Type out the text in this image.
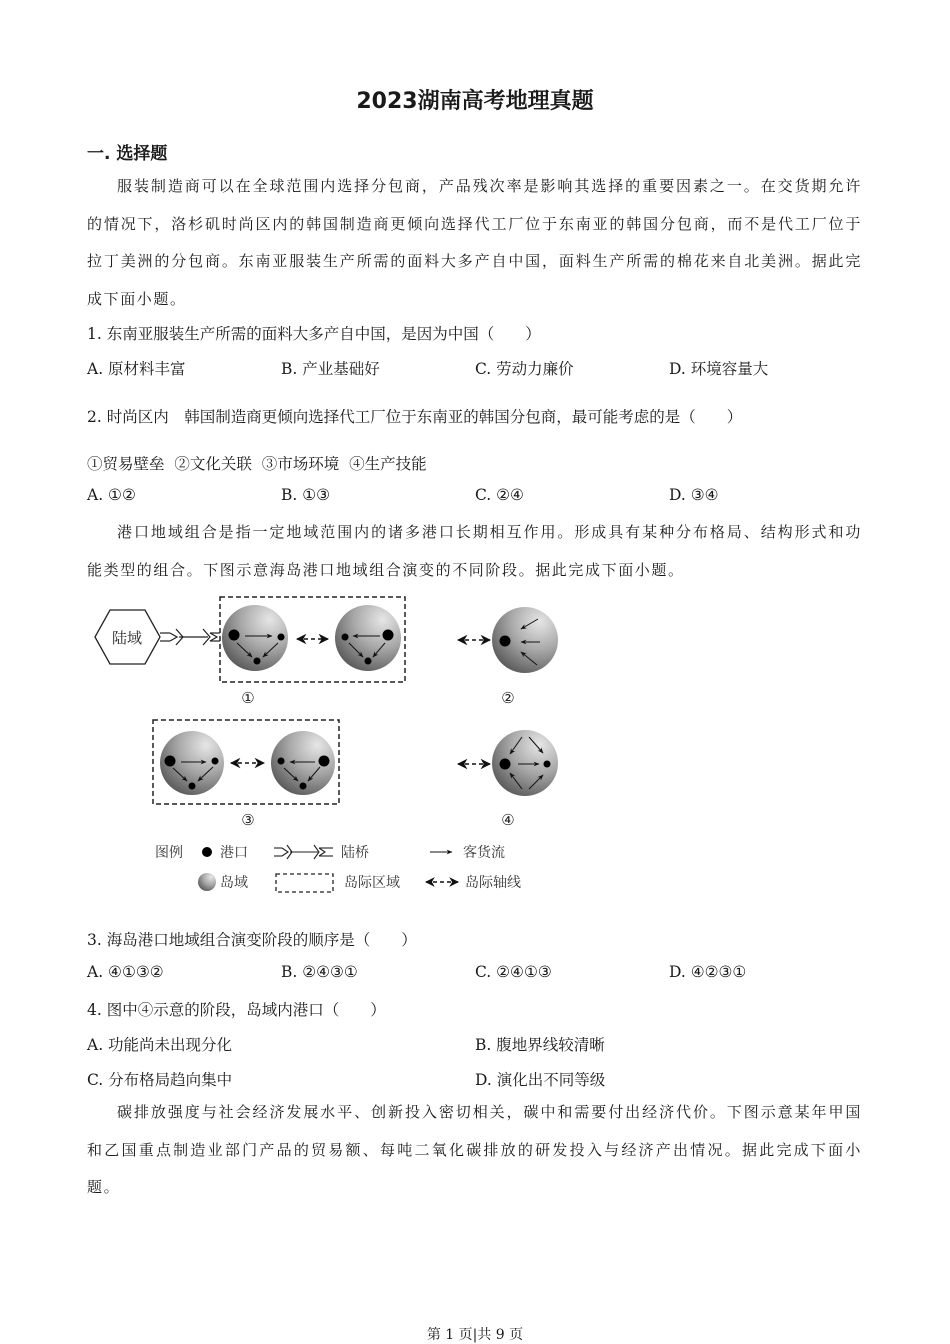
2023湖南高考地理真题
一. 选择题
服装制造商可以在全球范围内选择分包商，产品残次率是影响其选择的重要因素之一。在交货期允许的情况下，洛杉矶时尚区内的韩国制造商更倾向选择代工厂位于东南亚的韩国分包商，而不是代工厂位于拉丁美洲的分包商。东南亚服装生产所需的面料大多产自中国，面料生产所需的棉花来自北美洲。据此完成下面小题。
1. 东南亚服装生产所需的面料大多产自中国，是因为中国（　　）
A. 原材料丰富	B. 产业基础好	C. 劳动力廉价	D. 环境容量大
2. 时尚区内　韩国制造商更倾向选择代工厂位于东南亚的韩国分包商，最可能考虑的是（　　）
①贸易壁垒  ②文化关联  ③市场环境  ④生产技能
A. ①②	B. ①③	C. ②④	D. ③④
港口地域组合是指一定地域范围内的诸多港口长期相互作用。形成具有某种分布格局、结构形式和功能类型的组合。下图示意海岛港口地域组合演变的不同阶段。据此完成下面小题。
陆域
①	②
③	④
图例	港口	陆桥	客货流
岛域	岛际区域	岛际轴线
3. 海岛港口地域组合演变阶段的顺序是（　　）
A. ④①③②	B. ②④③①	C. ②④①③	D. ④②③①
4. 图中④示意的阶段，岛域内港口（　　）
A. 功能尚未出现分化	B. 腹地界线较清晰
C. 分布格局趋向集中	D. 演化出不同等级
碳排放强度与社会经济发展水平、创新投入密切相关，碳中和需要付出经济代价。下图示意某年甲国和乙国重点制造业部门产品的贸易额、每吨二氧化碳排放的研发投入与经济产出情况。据此完成下面小题。
第 1 页|共 9 页
